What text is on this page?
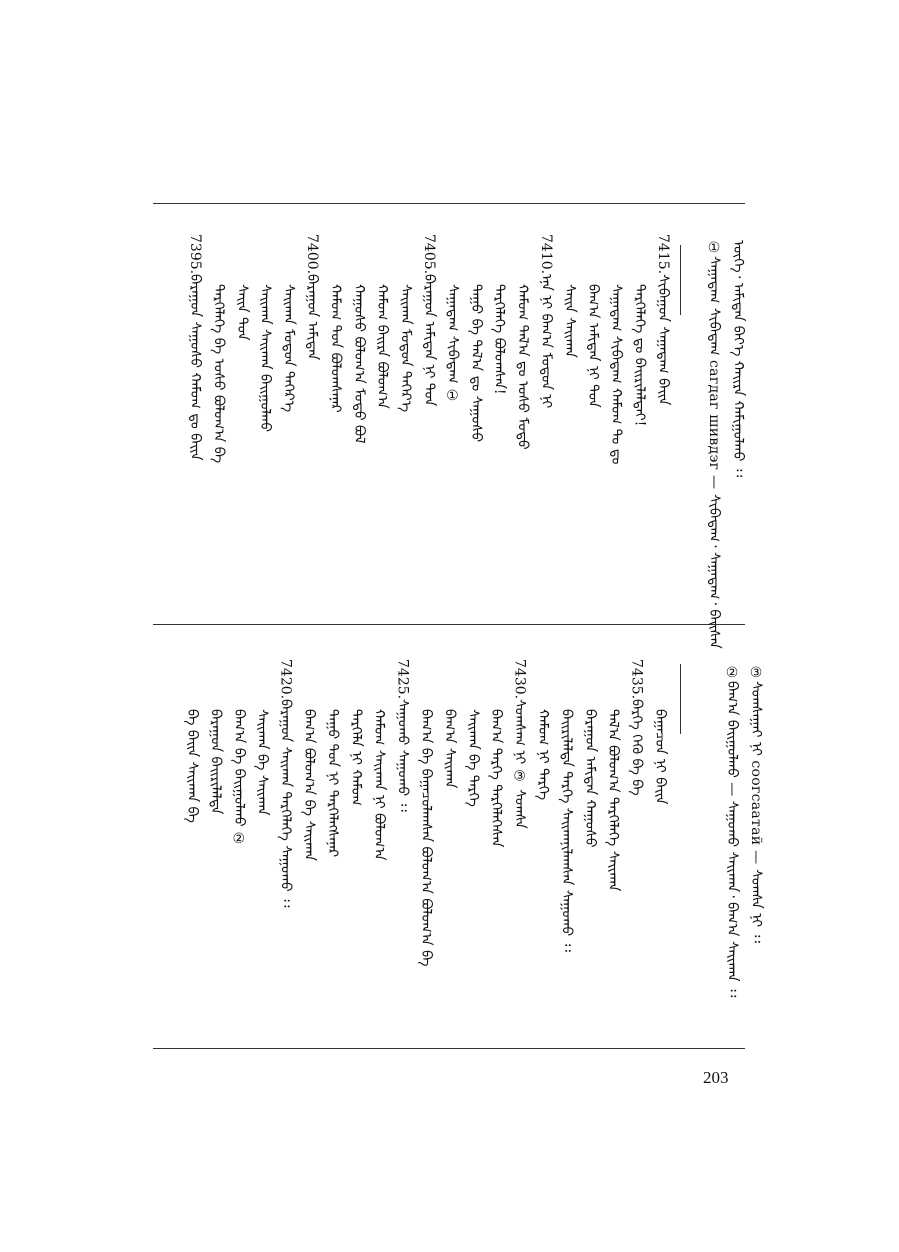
ᠦᠭᠡ᠂ ᠠᠮᠢᠲᠠᠨ ᠪᠡᠶ᠎ᠡ ᠬᠠᠢᠷᠠ ᠬᠠᠮᠢᠭᠤᠯᠬᠤ ᠄᠄
①
ᠰᠠᠭᠠᠳᠠᠭ ᠰᠢᠪᠠᠳᠠᠭ сагдаг шивдэг — ᠰᠢᠪᠠᠳᠠᠭ᠂ ᠰᠠᠭᠠᠳᠠᠭ᠂ ᠪᠠᠢᠰᠠᠨ
7415.
ᠰᠢᠪᠠᠭᠤᠨ ᠰᠠᠭᠠᠳᠠᠭ ᠪᠠᠢᠨ
ᠲᠡᠷᠭᠡᠯᠡᠭᠡ ᠳᠤ ᠪᠠᠢᠷᠢᠯᠠᠯᠲᠠᠢ!
ᠰᠠᠭᠠᠳᠠᠭ ᠰᠢᠪᠠᠳᠠᠭ ᠬᠠᠮᠤᠭ ᠲᠤ ᠳᠤ
ᠪᠠᠭ᠎ᠠ ᠠᠮᠢᠲᠠᠨ ᠨᠢ ᠳᠤᠨ
ᠰᠠᠢᠨ ᠰᠠᠢᠬᠠᠨ
7410.
ᠡᠨᠡ ᠨᠢ ᠪᠠᠭ᠎ᠠ ᠮᠣᠳᠣᠨ ᠨᠢ
ᠬᠠᠮᠤᠭ ᠲᠠᠯ᠎ᠠ ᠳᠤ ᠤᠰᠤ ᠮᠣᠳᠣ
ᠲᠡᠷᠭᠡᠯᠡᠭᠡ ᠪᠣᠯᠣᠭᠰᠠᠨ!
ᠳᠠᠭᠤ ᠪᠡ ᠲᠠᠯ᠎ᠠ ᠳᠤ ᠰᠠᠭᠤᠰᠤ
ᠰᠠᠭᠠᠳᠠᠭ ᠰᠢᠪᠠᠳᠠᠭ ①
7405.
ᠪᠠᠷᠠᠭᠤᠨ ᠠᠮᠢᠲᠠᠨ ᠨᠢ ᠳᠤᠨ
ᠰᠠᠢᠬᠠᠨ ᠮᠣᠳᠣᠨ ᠳᠡᠭᠡᠷ᠎ᠡ
ᠬᠠᠮᠤᠭ ᠪᠠᠢᠷᠠ ᠪᠣᠯᠣᠭ᠎ᠠ
ᠬᠠᠭᠤᠰᠤ ᠪᠣᠯᠣᠭ᠎ᠠ ᠮᠣᠳᠣ ᠪᠣᠯ
ᠬᠠᠮᠤᠭ ᠳᠤᠨ ᠪᠣᠯᠣᠭᠰᠠᠨᠠᠷ
7400.
ᠪᠠᠷᠠᠭᠤᠨ ᠠᠮᠢᠲᠠᠨ
ᠰᠠᠢᠬᠠᠨ ᠮᠣᠳᠣᠨ ᠳᠡᠭᠡᠷ᠎ᠡ
ᠰᠠᠢᠬᠠᠨ ᠰᠠᠢᠬᠠᠨ ᠪᠠᠢᠭᠤᠯᠬᠤ
ᠰᠠᠢᠨ ᠳᠤᠨ
ᠲᠡᠷᠭᠡᠯᠡᠭᠡ ᠪᠡ ᠤᠰᠤ ᠪᠣᠯᠣᠭ᠎ᠠ ᠪᠡ
7395.
ᠪᠠᠷᠠᠭᠤᠨ ᠰᠠᠭᠤᠰᠤ ᠬᠠᠮᠤᠭ ᠳᠤ ᠪᠠᠢᠨ
③
ᠰᠣᠭᠰᠠᠭᠠᠢ ᠨᠢ соогсаатай — ᠰᠣᠭᠰᠠ ᠨᠢ ᠄᠄
②
ᠪᠠᠭ᠎ᠠ ᠪᠠᠢᠭᠤᠯᠬᠤ — ᠰᠠᠭᠤᠬᠤ ᠰᠠᠢᠬᠠᠨ᠂ ᠪᠠᠭ᠎ᠠ ᠰᠠᠢᠬᠠᠨ ᠄᠄
ᠪᠠᠭᠠᠴᠤᠨ ᠨᠢ ᠪᠠᠢᠨ
7435.
ᠪᠡᠷᠬᠡ ᠬᠡᠬᠦ ᠪᠡ ᠪᠠ
ᠲᠠᠯ᠎ᠠ ᠪᠣᠯᠣᠭ᠎ᠠ ᠲᠡᠷᠭᠡᠯᠡᠭᠡ ᠰᠠᠢᠬᠠᠨ
ᠪᠠᠷᠠᠭᠤᠨ ᠠᠮᠢᠲᠠᠨ ᠬᠠᠭᠤᠰᠤ
ᠪᠠᠢᠷᠢᠯᠠᠯᠲᠠ ᠲᠡᠷᠭᠡ ᠰᠠᠢᠬᠠᠨᠢᠯᠠᠭᠰᠠᠨ ᠰᠠᠭᠤᠬᠤ ᠄᠄
ᠬᠠᠮᠤᠭ ᠨᠢ ᠲᠡᠷᠭᠡ
7430.
ᠰᠣᠭᠰᠠᠭ ᠨᠢ ③ ᠰᠣᠭᠰᠠ
ᠪᠠᠭ᠎ᠠ ᠲᠡᠷᠭᠡ ᠲᠡᠷᠭᠡᠯᠡᠭᠡᠰᠡᠨ
ᠰᠠᠢᠬᠠᠨ ᠪᠡ ᠲᠡᠷᠭᠡ
ᠪᠠᠭ᠎ᠠ ᠰᠠᠢᠬᠠᠨ
ᠪᠠᠭ᠎ᠠ ᠪᠠ ᠪᠠᠭᠠᠴᠤᠯᠠᠭᠰᠠᠨ ᠪᠣᠯᠣᠭ᠎ᠠ ᠪᠣᠯᠣᠭ᠎ᠠ ᠪᠠ
7425.
ᠰᠠᠭᠤᠬᠤ ᠰᠠᠭᠤᠬᠤ ᠄᠄
ᠬᠠᠮᠤᠭ ᠰᠠᠢᠬᠠᠨ ᠨᠢ ᠪᠣᠯᠣᠭ᠎ᠠ
ᠲᠡᠷᠭᠡᠯᠡ ᠨᠢ ᠬᠠᠮᠤᠭ
ᠳᠠᠭᠤ ᠳᠤᠨ ᠨᠢ ᠲᠡᠷᠭᠡᠯᠡᠭᠰᠡᠨᠠᠷ
ᠪᠠᠭ᠎ᠠ ᠪᠣᠯᠣᠭ᠎ᠠ ᠪᠡ ᠰᠠᠢᠬᠠᠨ
7420.
ᠪᠠᠷᠠᠭᠤᠨ ᠰᠠᠢᠬᠠᠨ ᠲᠡᠷᠭᠡᠯᠡᠭᠡ ᠰᠠᠭᠤᠬᠤ ᠄᠄
ᠰᠠᠢᠬᠠᠨ ᠪᠡ ᠰᠠᠢᠬᠠᠨ
ᠪᠠᠭ᠎ᠠ ᠪᠡ ᠪᠠᠢᠭᠤᠯᠬᠤ ②
ᠪᠠᠷᠠᠭᠤᠨ ᠪᠠᠢᠷᠢᠯᠠᠯᠲᠠ
ᠪᠠ ᠪᠠᠢᠨ ᠰᠠᠢᠬᠠᠨ ᠪᠡ
203
